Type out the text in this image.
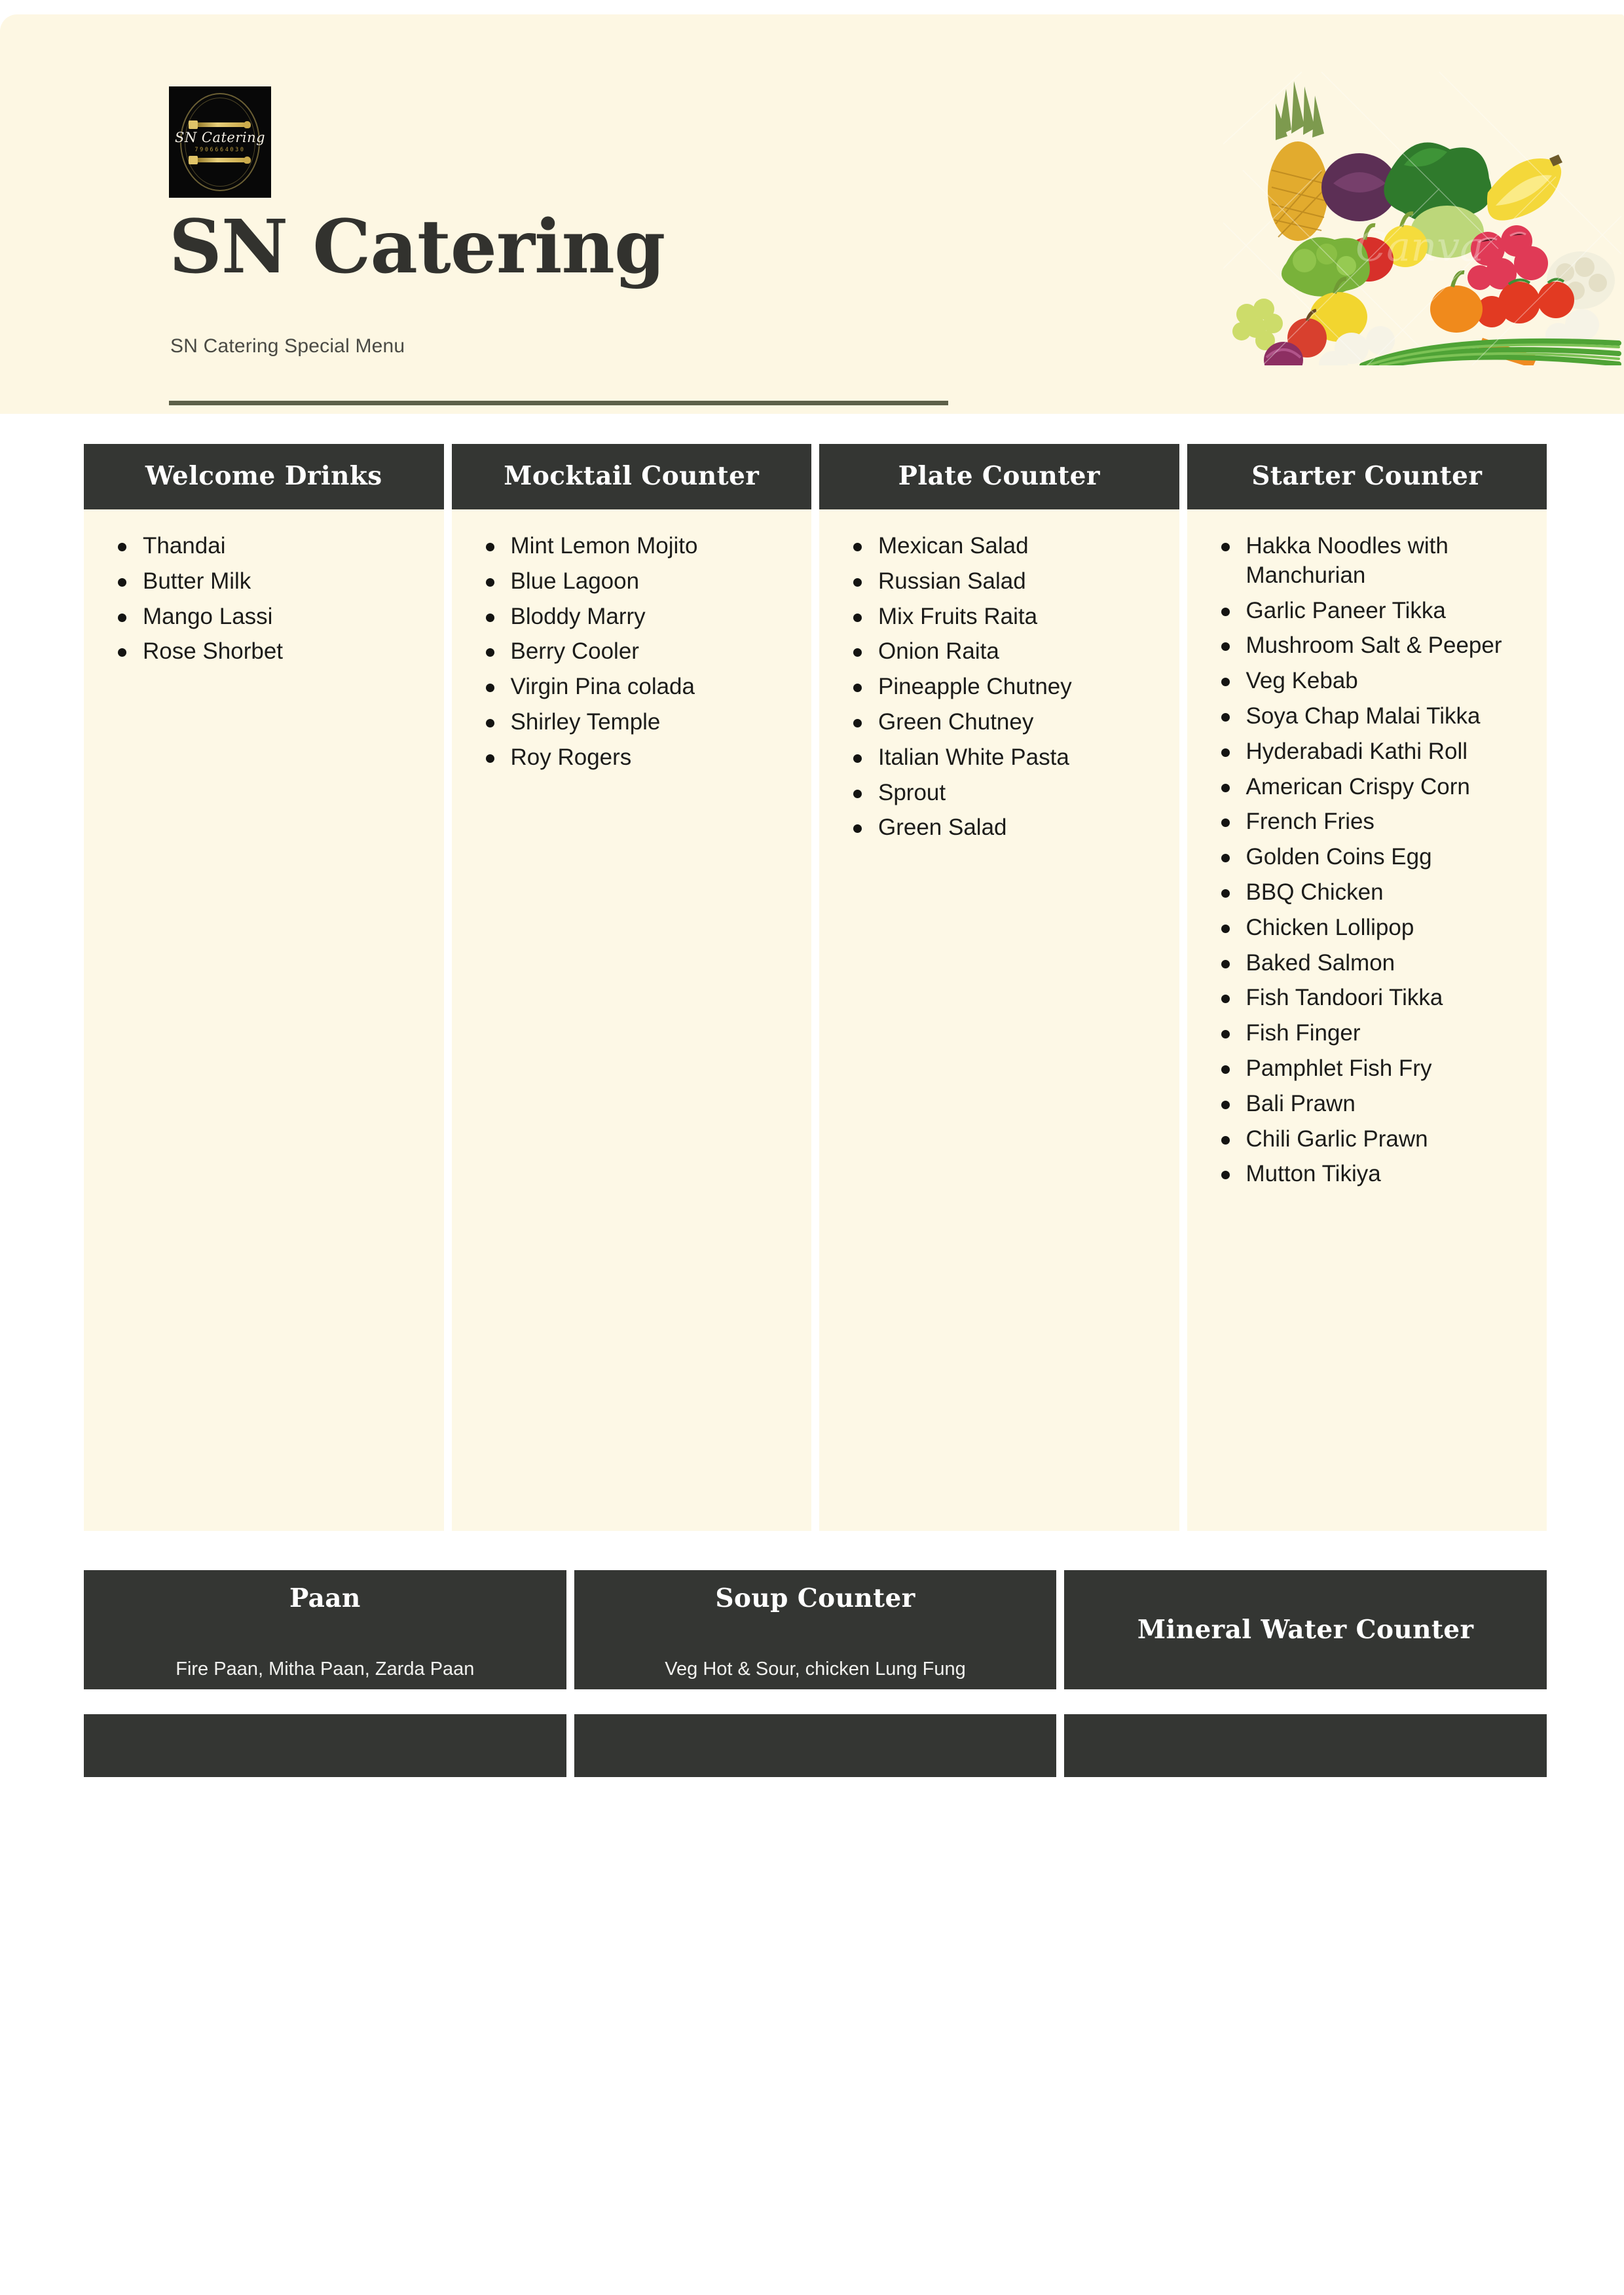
SN Catering
7906664030
SN Catering
SN Catering Special Menu
Canva
Welcome Drinks
Thandai
Butter Milk
Mango Lassi
Rose Shorbet
Mocktail Counter
Mint Lemon Mojito
Blue Lagoon
Bloddy Marry
Berry Cooler
Virgin Pina colada
Shirley Temple
Roy Rogers
Plate Counter
Mexican Salad
Russian Salad
Mix Fruits Raita
Onion Raita
Pineapple Chutney
Green Chutney
Italian White Pasta
Sprout
Green Salad
Starter Counter
Hakka Noodles with Manchurian
Garlic Paneer Tikka
Mushroom Salt & Peeper
Veg Kebab
Soya Chap Malai Tikka
Hyderabadi Kathi Roll
American Crispy Corn
French Fries
Golden Coins Egg
BBQ Chicken
Chicken Lollipop
Baked Salmon
Fish Tandoori Tikka
Fish Finger
Pamphlet Fish Fry
Bali Prawn
Chili Garlic Prawn
Mutton Tikiya
Paan
Fire Paan, Mitha Paan, Zarda Paan
Soup Counter
Veg Hot & Sour, chicken Lung Fung
Mineral Water Counter
